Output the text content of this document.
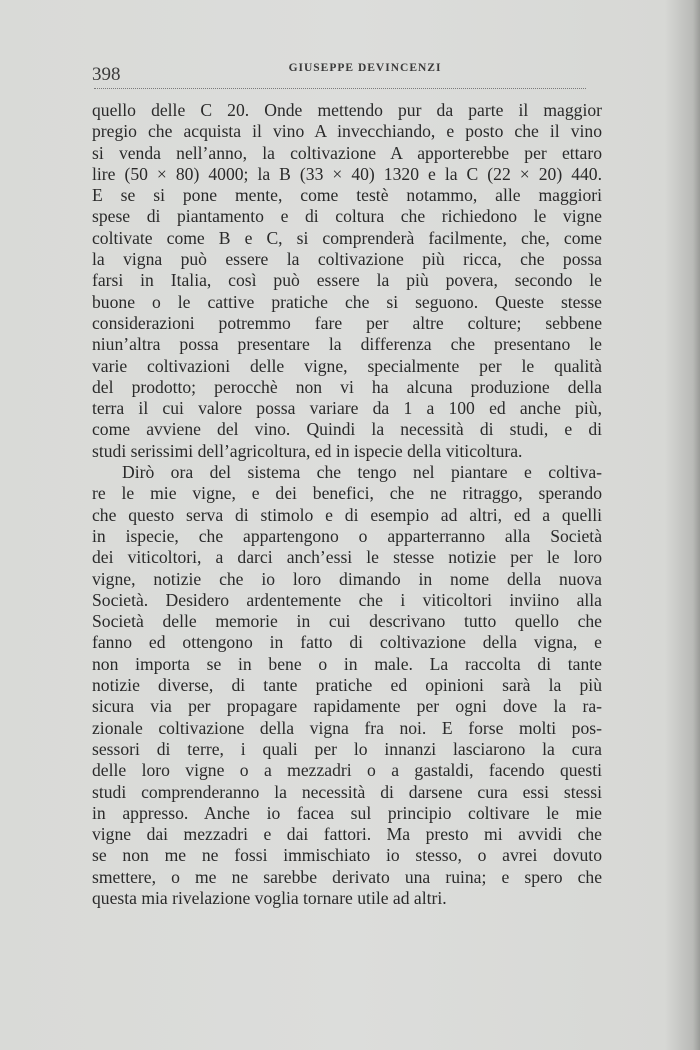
398	GIUSEPPE DEVINCENZI
quello delle C 20. Onde mettendo pur da parte il maggior
pregio che acquista il vino A invecchiando, e posto che il vino
si venda nell’anno, la coltivazione A apporterebbe per ettaro
lire (50 × 80) 4000; la B (33 × 40) 1320 e la C (22 × 20) 440.
E se si pone mente, come testè notammo, alle maggiori
spese di piantamento e di coltura che richiedono le vigne
coltivate come B e C, si comprenderà facilmente, che, come
la vigna può essere la coltivazione più ricca, che possa
farsi in Italia, così può essere la più povera, secondo le
buone o le cattive pratiche che si seguono. Queste stesse
considerazioni potremmo fare per altre colture; sebbene
niun’altra possa presentare la differenza che presentano le
varie coltivazioni delle vigne, specialmente per le qualità
del prodotto; perocchè non vi ha alcuna produzione della
terra il cui valore possa variare da 1 a 100 ed anche più,
come avviene del vino. Quindi la necessità di studi, e di
studi serissimi dell’agricoltura, ed in ispecie della viticoltura.
Dirò ora del sistema che tengo nel piantare e coltiva-
re le mie vigne, e dei benefici, che ne ritraggo, sperando
che questo serva di stimolo e di esempio ad altri, ed a quelli
in ispecie, che appartengono o apparterranno alla Società
dei viticoltori, a darci anch’essi le stesse notizie per le loro
vigne, notizie che io loro dimando in nome della nuova
Società. Desidero ardentemente che i viticoltori inviino alla
Società delle memorie in cui descrivano tutto quello che
fanno ed ottengono in fatto di coltivazione della vigna, e
non importa se in bene o in male. La raccolta di tante
notizie diverse, di tante pratiche ed opinioni sarà la più
sicura via per propagare rapidamente per ogni dove la ra-
zionale coltivazione della vigna fra noi. E forse molti pos-
sessori di terre, i quali per lo innanzi lasciarono la cura
delle loro vigne o a mezzadri o a gastaldi, facendo questi
studi comprenderanno la necessità di darsene cura essi stessi
in appresso. Anche io facea sul principio coltivare le mie
vigne dai mezzadri e dai fattori. Ma presto mi avvidi che
se non me ne fossi immischiato io stesso, o avrei dovuto
smettere, o me ne sarebbe derivato una ruina; e spero che
questa mia rivelazione voglia tornare utile ad altri.
